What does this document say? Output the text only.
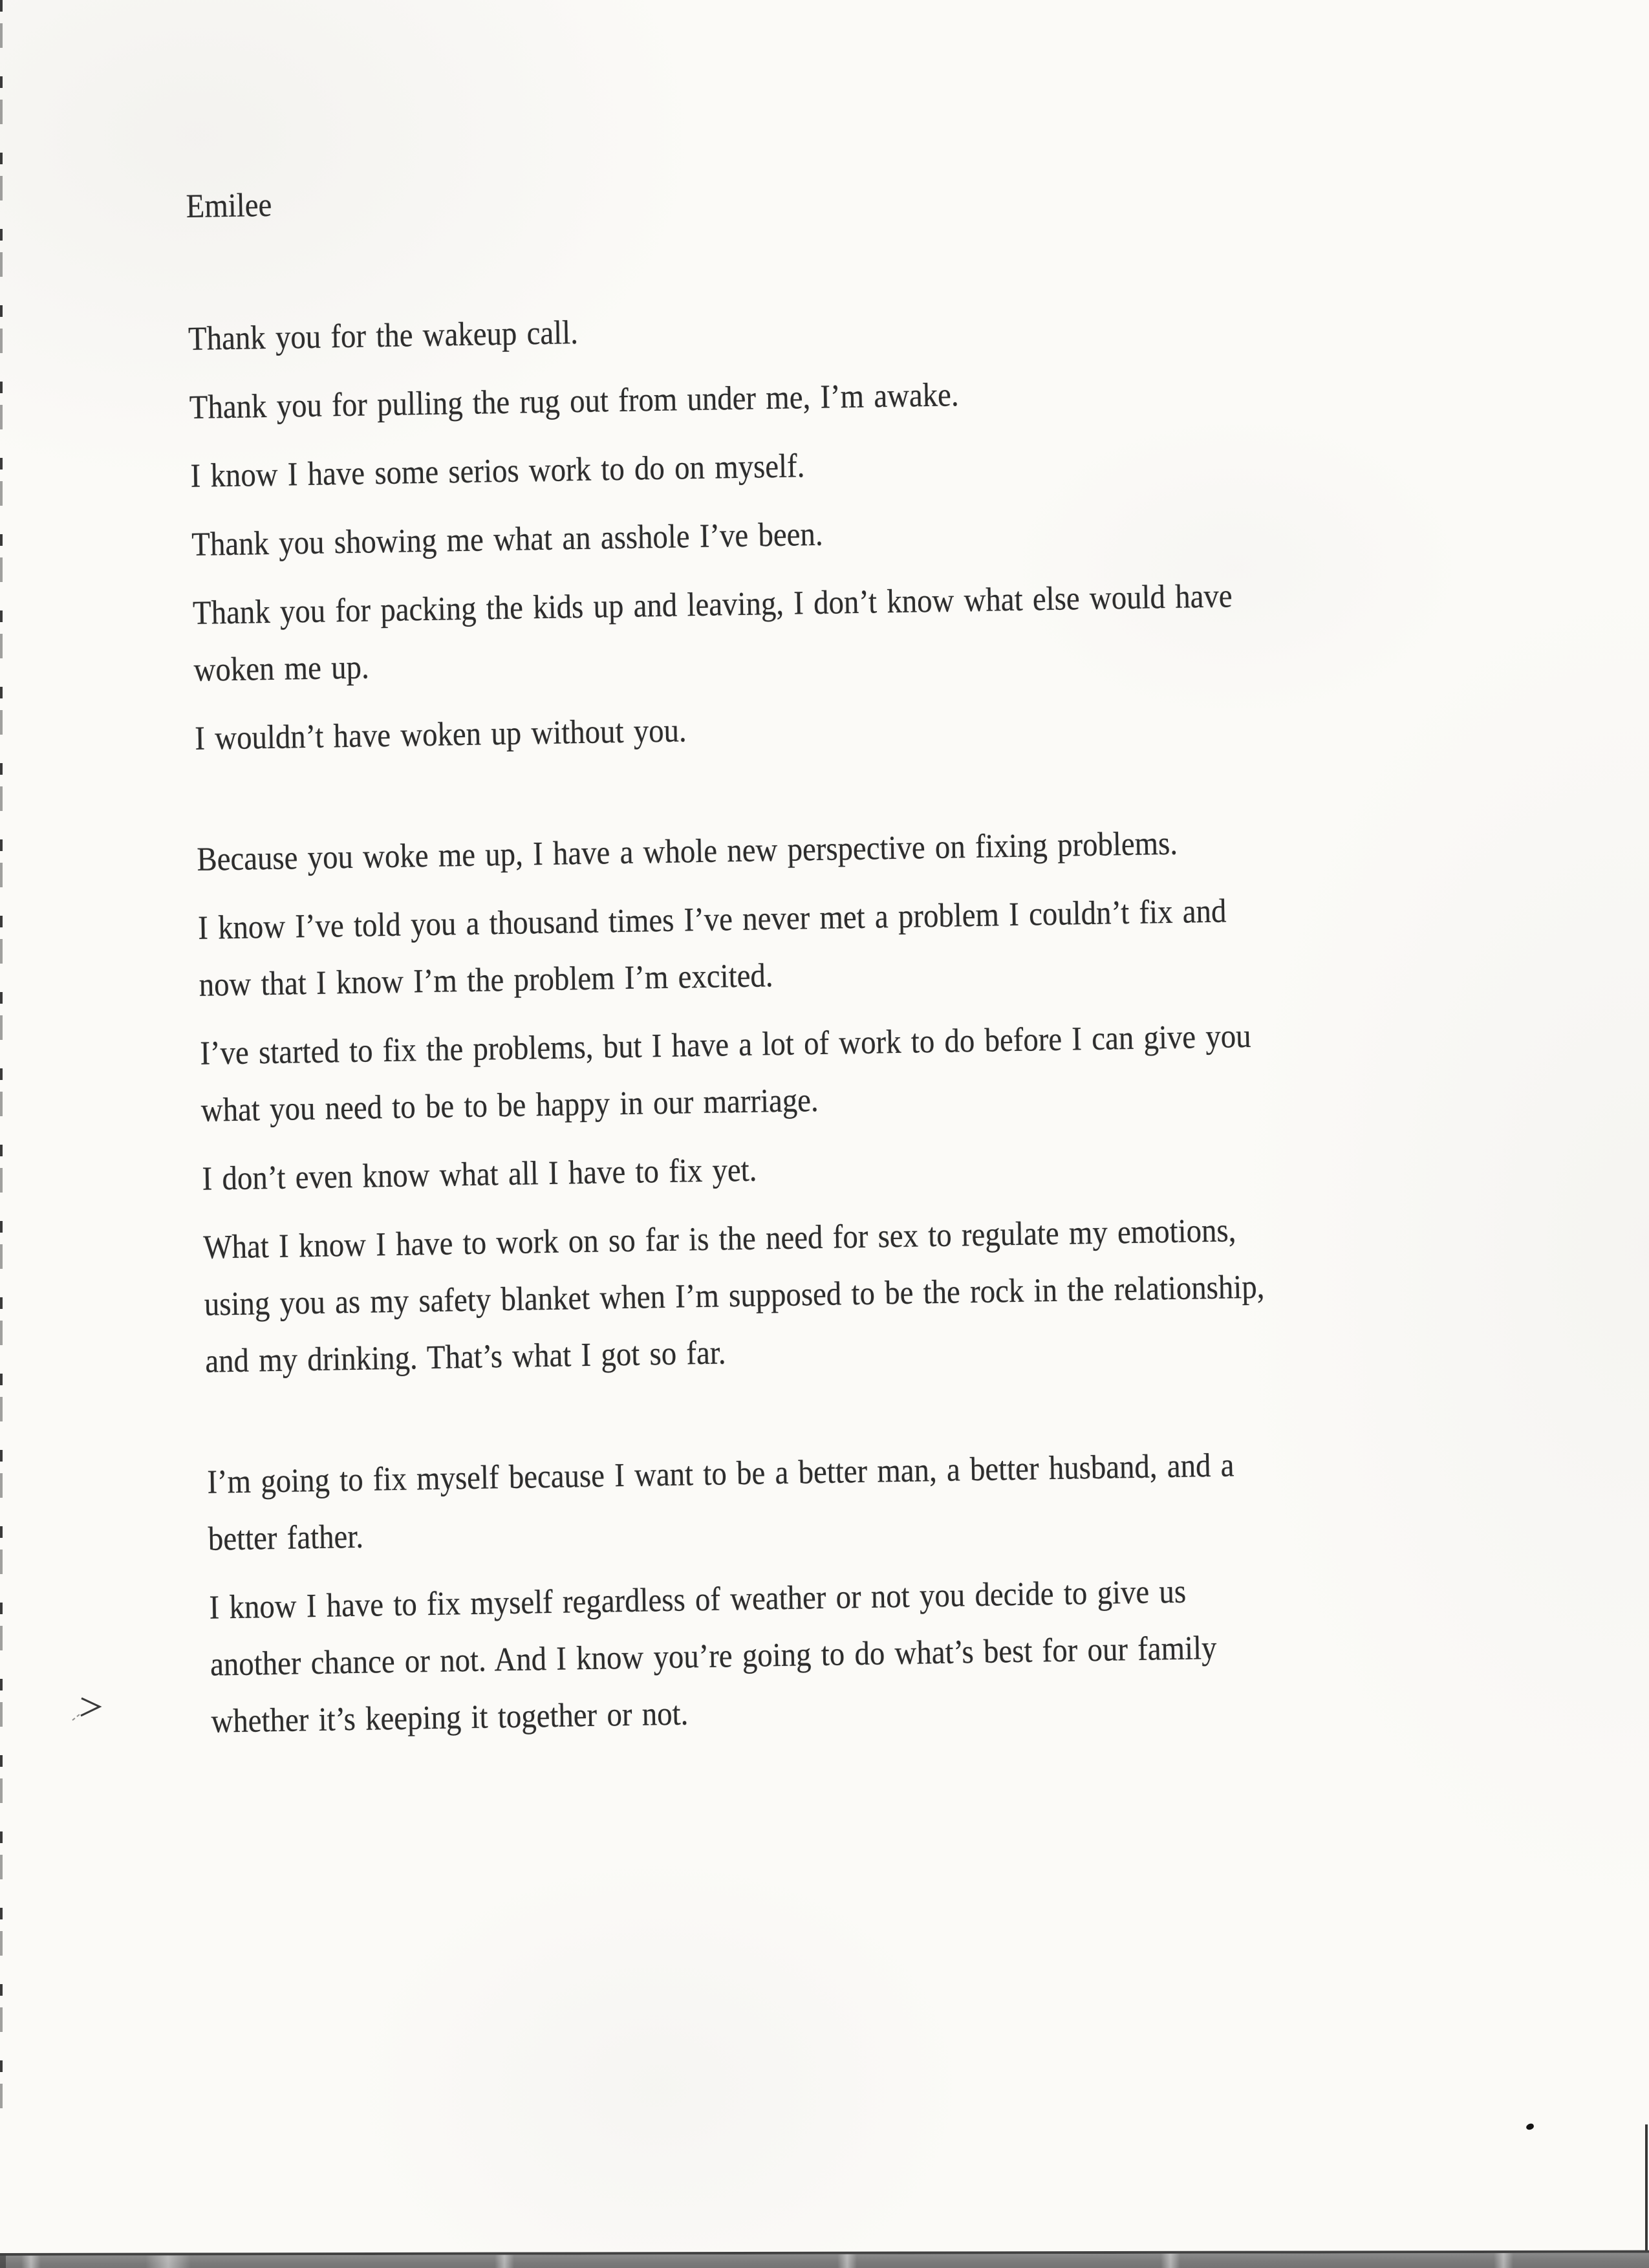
Emilee
Thank you for the wakeup call.
Thank you for pulling the rug out from under me, I’m awake.
I know I have some serios work to do on myself.
Thank you showing me what an asshole I’ve been.
Thank you for packing the kids up and leaving, I don’t know what else would have
woken me up.
I wouldn’t have woken up without you.
Because you woke me up, I have a whole new perspective on fixing problems.
I know I’ve told you a thousand times I’ve never met a problem I couldn’t fix and
now that I know I’m the problem I’m excited.
I’ve started to fix the problems, but I have a lot of work to do before I can give you
what you need to be to be happy in our marriage.
I don’t even know what all I have to fix yet.
What I know I have to work on so far is the need for sex to regulate my emotions,
using you as my safety blanket when I’m supposed to be the rock in the relationship,
and my drinking. That’s what I got so far.
I’m going to fix myself because I want to be a better man, a better husband, and a
better father.
I know I have to fix myself regardless of weather or not you decide to give us
another chance or not. And I know you’re going to do what’s best for our family
whether it’s keeping it together or not.
